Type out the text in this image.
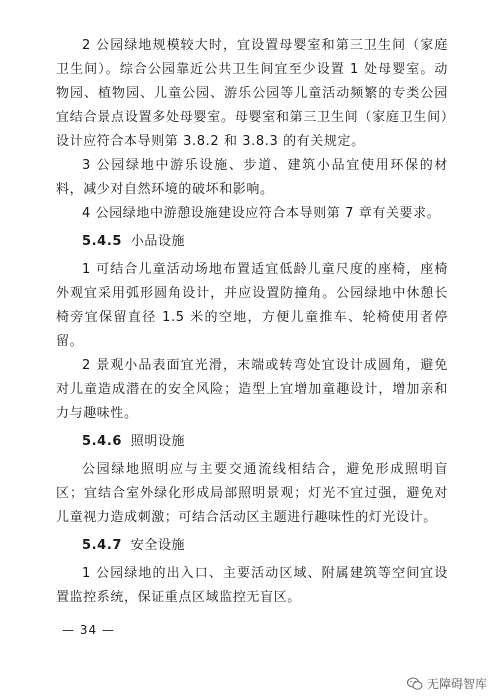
2 公园绿地规模较大时，宜设置母婴室和第三卫生间（家庭卫生间）。综合公园靠近公共卫生间宜至少设置 1 处母婴室。动物园、植物园、儿童公园、游乐公园等儿童活动频繁的专类公园宜结合景点设置多处母婴室。母婴室和第三卫生间（家庭卫生间）设计应符合本导则第 3.8.2 和 3.8.3 的有关规定。

3 公园绿地中游乐设施、步道、建筑小品宜使用环保的材料，减少对自然环境的破坏和影响。

4 公园绿地中游憩设施建设应符合本导则第 7 章有关要求。

5.4.5 小品设施

1 可结合儿童活动场地布置适宜低龄儿童尺度的座椅，座椅外观宜采用弧形圆角设计，并应设置防撞角。公园绿地中休憩长椅旁宜保留直径 1.5 米的空地，方便儿童推车、轮椅使用者停留。

2 景观小品表面宜光滑，末端或转弯处宜设计成圆角，避免对儿童造成潜在的安全风险；造型上宜增加童趣设计，增加亲和力与趣味性。

5.4.6 照明设施

公园绿地照明应与主要交通流线相结合，避免形成照明盲区；宜结合室外绿化形成局部照明景观；灯光不宜过强，避免对儿童视力造成刺激；可结合活动区主题进行趣味性的灯光设计。

5.4.7 安全设施

1 公园绿地的出入口、主要活动区域、附属建筑等空间宜设置监控系统，保证重点区域监控无盲区。

— 34 —
无障碍智库
